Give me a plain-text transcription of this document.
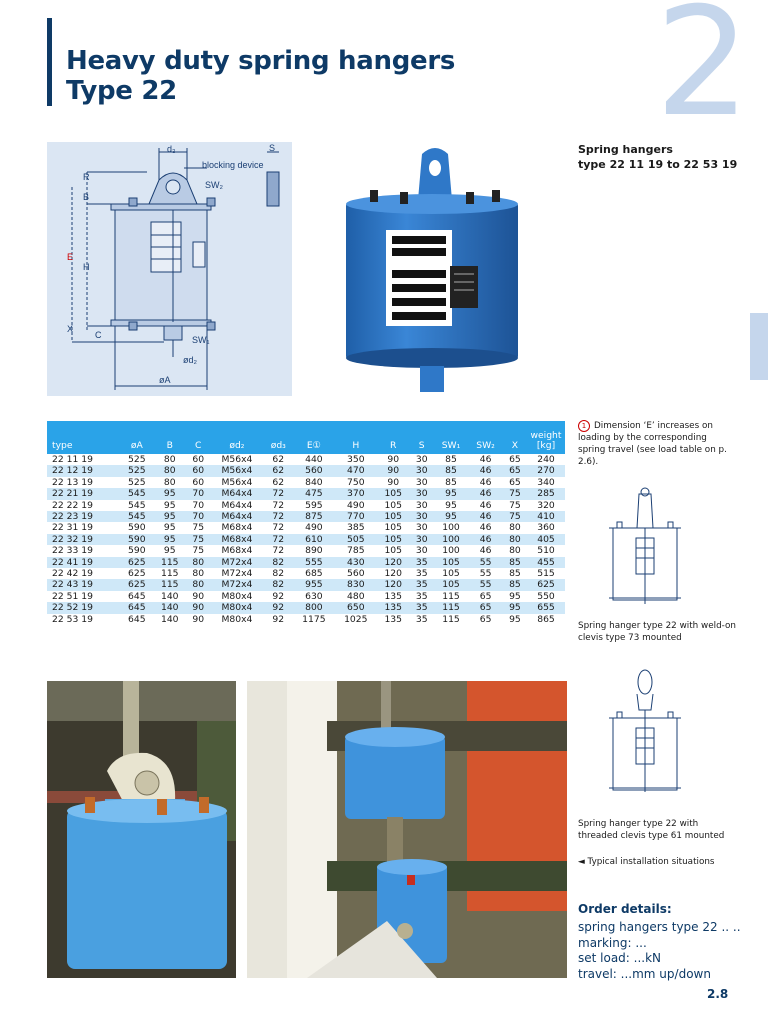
Heavy duty spring hangers
Type 22	2
d₃	S
blocking device
SW₂
B
R
E
H
X
C	SW₁
ød₂
øA
Spring hangers
type 22 11 19 to 22 53 19
type	øA	B	C	ød₂	ød₃	E①	H	R	S	SW₁	SW₂	X	weight [kg]
22 11 19	525	80	60	M56x4	62	440	350	90	30	85	46	65	240
22 12 19	525	80	60	M56x4	62	560	470	90	30	85	46	65	270
22 13 19	525	80	60	M56x4	62	840	750	90	30	85	46	65	340
22 21 19	545	95	70	M64x4	72	475	370	105	30	95	46	75	285
22 22 19	545	95	70	M64x4	72	595	490	105	30	95	46	75	320
22 23 19	545	95	70	M64x4	72	875	770	105	30	95	46	75	410
22 31 19	590	95	75	M68x4	72	490	385	105	30	100	46	80	360
22 32 19	590	95	75	M68x4	72	610	505	105	30	100	46	80	405
22 33 19	590	95	75	M68x4	72	890	785	105	30	100	46	80	510
22 41 19	625	115	80	M72x4	82	555	430	120	35	105	55	85	455
22 42 19	625	115	80	M72x4	82	685	560	120	35	105	55	85	515
22 43 19	625	115	80	M72x4	82	955	830	120	35	105	55	85	625
22 51 19	645	140	90	M80x4	92	630	480	135	35	115	65	95	550
22 52 19	645	140	90	M80x4	92	800	650	135	35	115	65	95	655
22 53 19	645	140	90	M80x4	92	1175	1025	135	35	115	65	95	865
1 Dimension ‘E’ increases on loading by the corresponding spring travel (see load table on p. 2.6).
Spring hanger type 22 with weld-on clevis type 73 mounted
Spring hanger type 22 with threaded clevis type 61 mounted
◄ Typical installation situations
Order details:
spring hangers type 22 .. ..
marking: ...
set load: ...kN
travel: ...mm up/down
2.8
